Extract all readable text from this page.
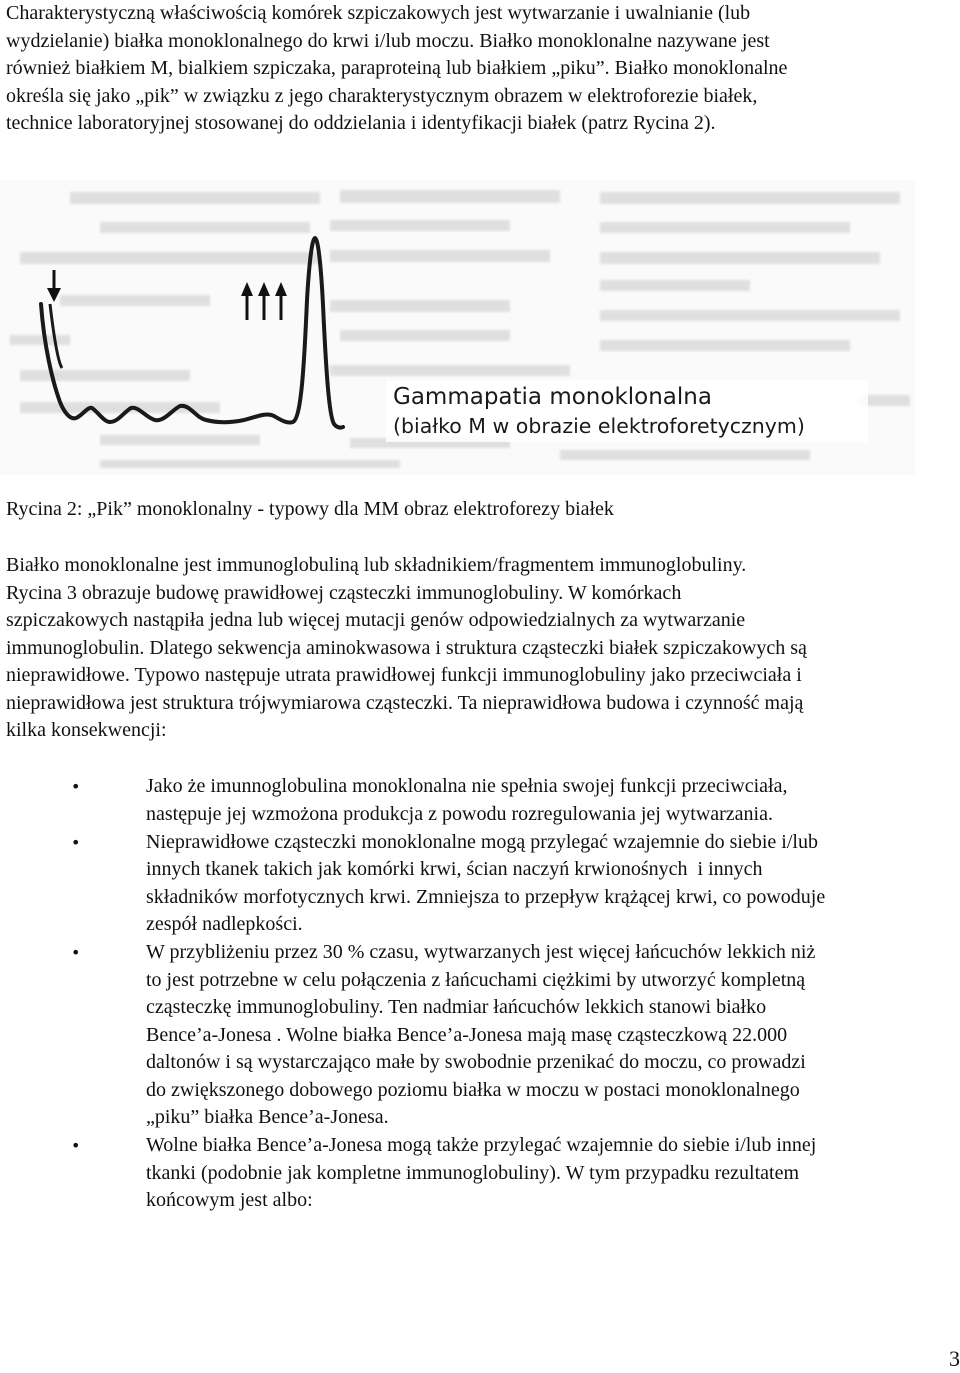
Charakterystyczną właściwością komórek szpiczakowych jest wytwarzanie i uwalnianie (lub
wydzielanie) białka monoklonalnego do krwi i/lub moczu. Białko monoklonalne nazywane jest
również białkiem M, bialkiem szpiczaka, paraproteiną lub białkiem „piku”. Białko monoklonalne
określa się jako „pik” w związku z jego charakterystycznym obrazem w elektroforezie białek,
technice laboratoryjnej stosowanej do oddzielania i identyfikacji białek (patrz Rycina 2).

Gammapatia monoklonalna
(białko M w obrazie elektroforetycznym)

Rycina 2: „Pik” monoklonalny - typowy dla MM obraz elektroforezy białek

Białko monoklonalne jest immunoglobuliną lub składnikiem/fragmentem immunoglobuliny.
Rycina 3 obrazuje budowę prawidłowej cząsteczki immunoglobuliny. W komórkach
szpiczakowych nastąpiła jedna lub więcej mutacji genów odpowiedzialnych za wytwarzanie
immunoglobulin. Dlatego sekwencja aminokwasowa i struktura cząsteczki białek szpiczakowych są
nieprawidłowe. Typowo następuje utrata prawidłowej funkcji immunoglobuliny jako przeciwciała i
nieprawidłowa jest struktura trójwymiarowa cząsteczki. Ta nieprawidłowa budowa i czynność mają
kilka konsekwencji:

•	Jako że imunnoglobulina monoklonalna nie spełnia swojej funkcji przeciwciała,
następuje jej wzmożona produkcja z powodu rozregulowania jej wytwarzania.
•	Nieprawidłowe cząsteczki monoklonalne mogą przylegać wzajemnie do siebie i/lub
innych tkanek takich jak komórki krwi, ścian naczyń krwionośnych  i innych
składników morfotycznych krwi. Zmniejsza to przepływ krążącej krwi, co powoduje
zespół nadlepkości.
•	W przybliżeniu przez 30 % czasu, wytwarzanych jest więcej łańcuchów lekkich niż
to jest potrzebne w celu połączenia z łańcuchami ciężkimi by utworzyć kompletną
cząsteczkę immunoglobuliny. Ten nadmiar łańcuchów lekkich stanowi białko
Bence’a-Jonesa . Wolne białka Bence’a-Jonesa mają masę cząsteczkową 22.000
daltonów i są wystarczająco małe by swobodnie przenikać do moczu, co prowadzi
do zwiększonego dobowego poziomu białka w moczu w postaci monoklonalnego
„piku” białka Bence’a-Jonesa.
•	Wolne białka Bence’a-Jonesa mogą także przylegać wzajemnie do siebie i/lub innej
tkanki (podobnie jak kompletne immunoglobuliny). W tym przypadku rezultatem
końcowym jest albo:
3
